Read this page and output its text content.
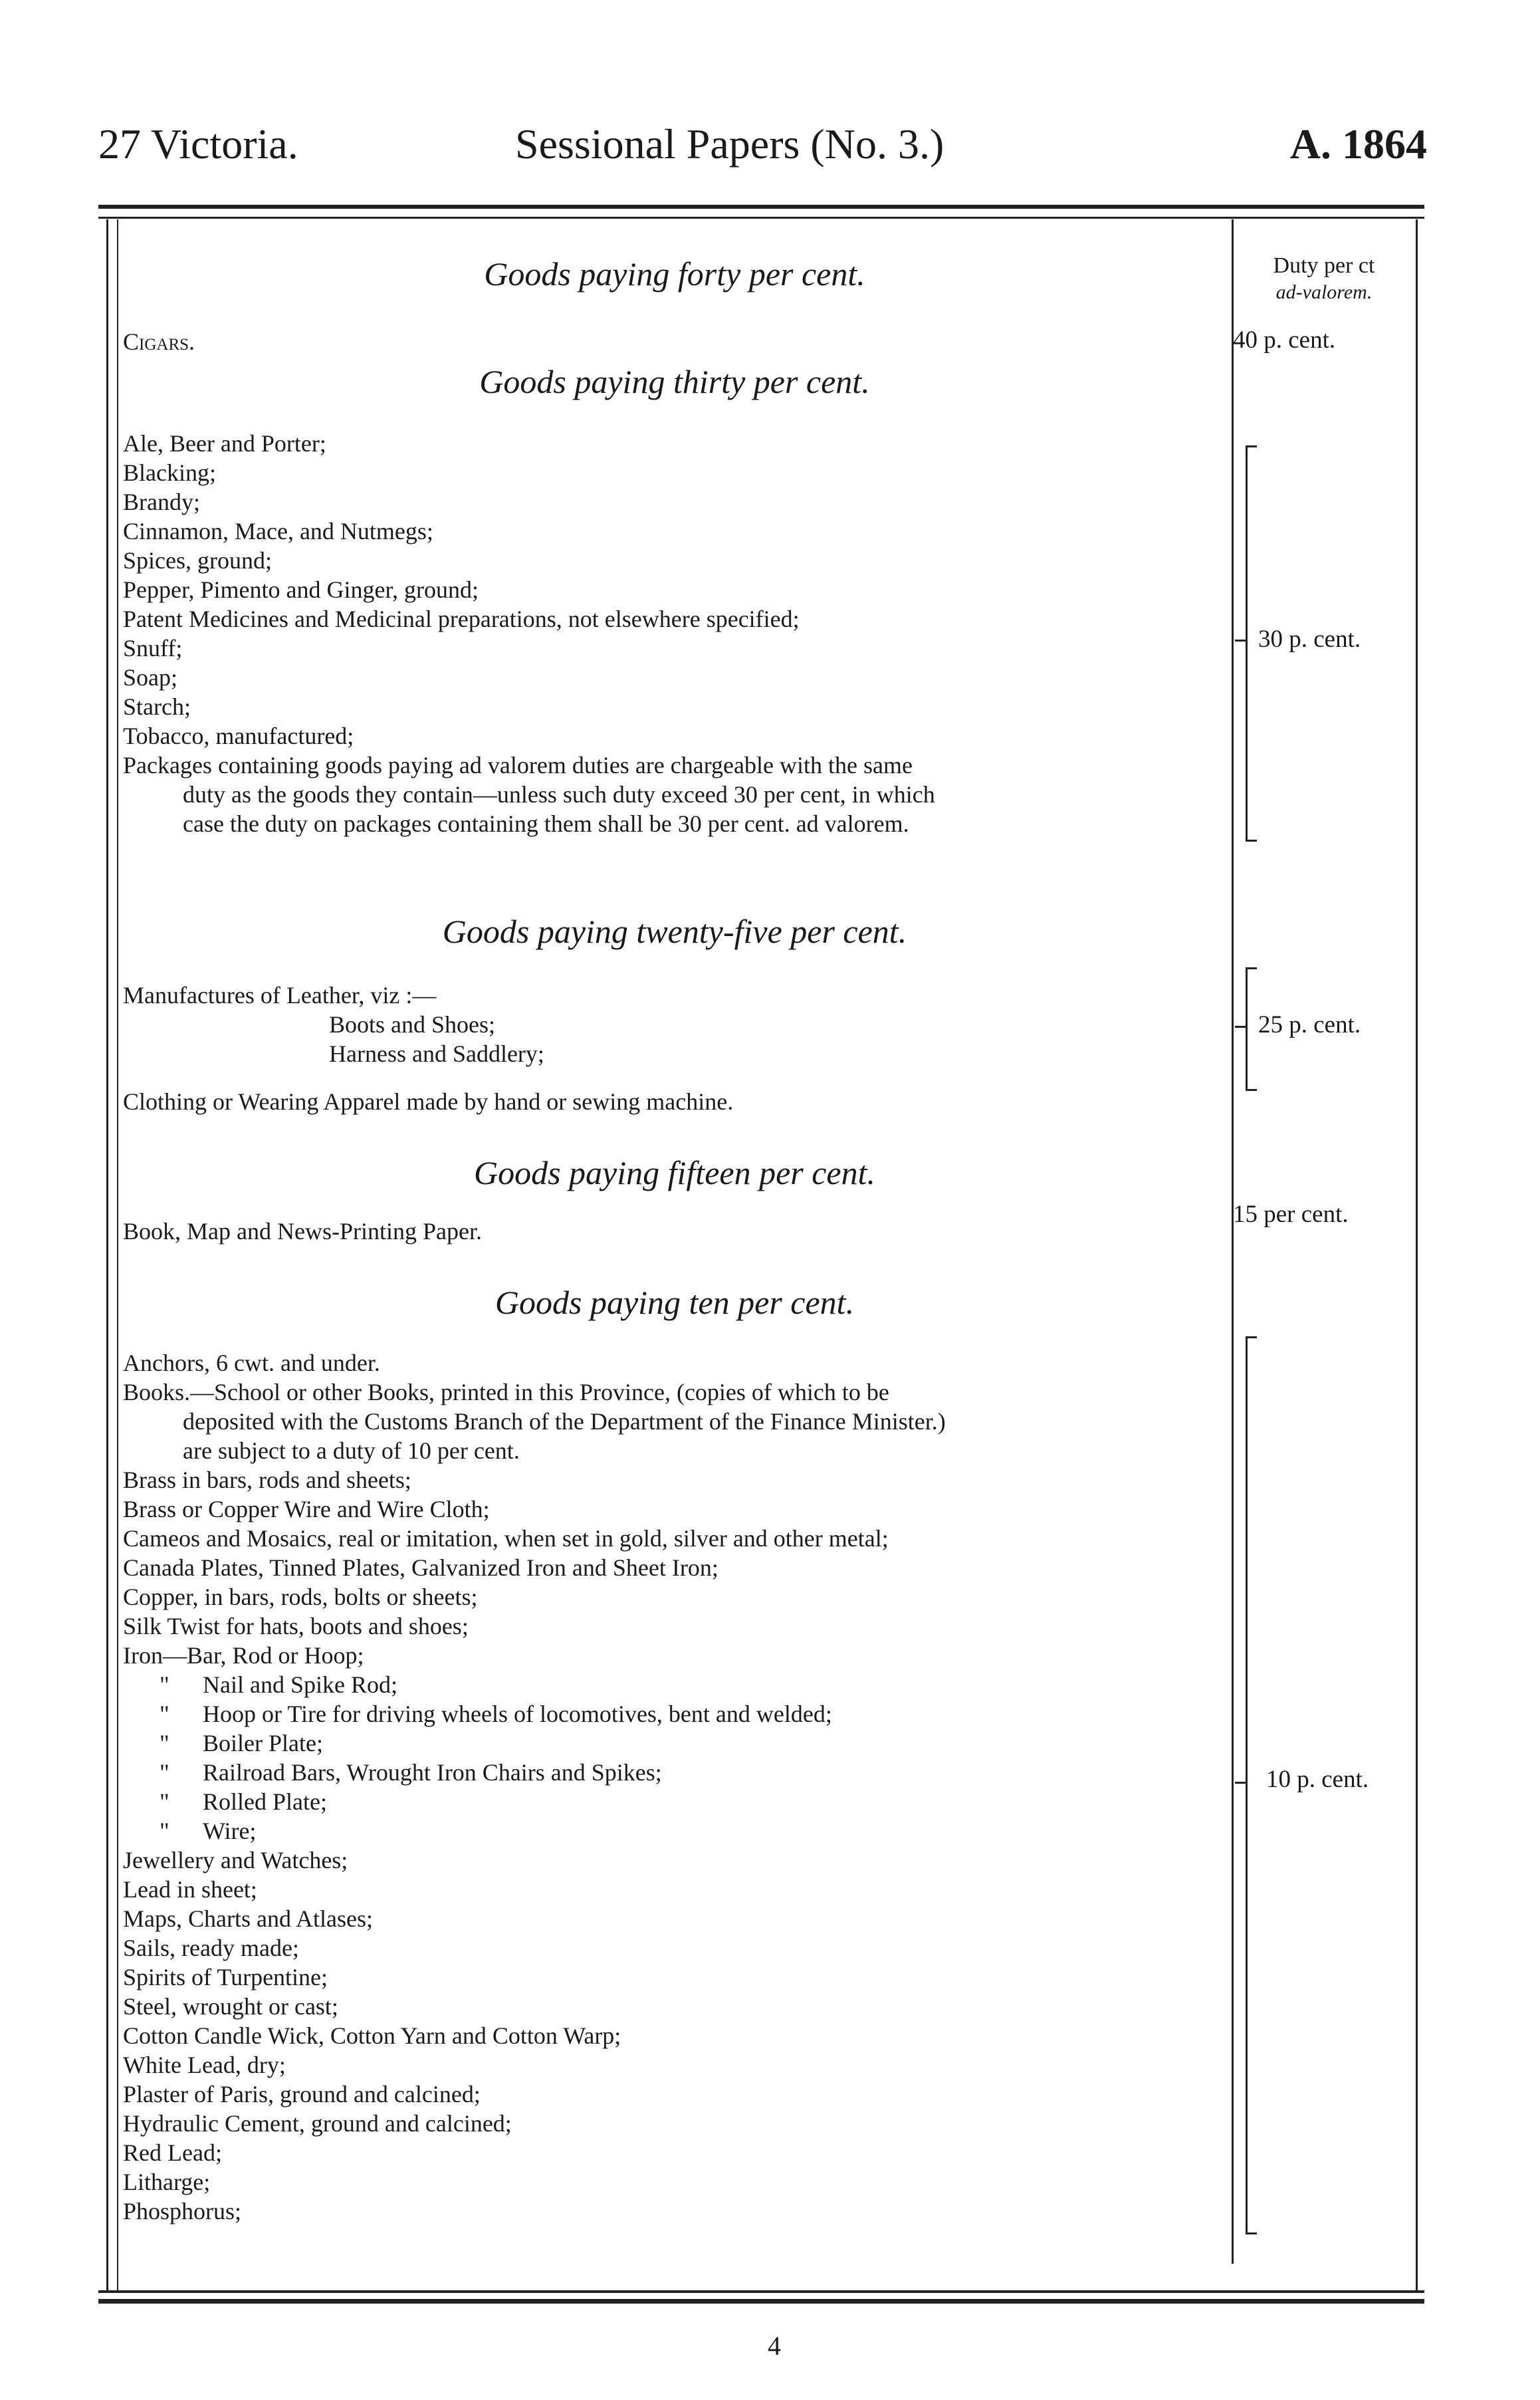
27 Victoria.	Sessional Papers (No. 3.)	A. 1864
Duty per ct
ad-valorem.
Goods paying forty per cent.
Cigars.	40 p. cent.
Goods paying thirty per cent.
Ale, Beer and Porter;
Blacking;
Brandy;
Cinnamon, Mace, and Nutmegs;
Spices, ground;
Pepper, Pimento and Ginger, ground;
Patent Medicines and Medicinal preparations, not elsewhere specified;
Snuff;
Soap;
Starch;
Tobacco, manufactured;
Packages containing goods paying ad valorem duties are chargeable with the same
duty as the goods they contain—unless such duty exceed 30 per cent, in which
case the duty on packages containing them shall be 30 per cent. ad valorem.
30 p. cent.
Goods paying twenty-five per cent.
Manufactures of Leather, viz :—
Boots and Shoes;
Harness and Saddlery;
Clothing or Wearing Apparel made by hand or sewing machine.
25 p. cent.
Goods paying fifteen per cent.
Book, Map and News-Printing Paper.
15 per cent.
Goods paying ten per cent.
Anchors, 6 cwt. and under.
Books.—School or other Books, printed in this Province, (copies of which to be
deposited with the Customs Branch of the Department of the Finance Minister.)
are subject to a duty of 10 per cent.
Brass in bars, rods and sheets;
Brass or Copper Wire and Wire Cloth;
Cameos and Mosaics, real or imitation, when set in gold, silver and other metal;
Canada Plates, Tinned Plates, Galvanized Iron and Sheet Iron;
Copper, in bars, rods, bolts or sheets;
Silk Twist for hats, boots and shoes;
Iron—Bar, Rod or Hoop;
" Nail and Spike Rod;
" Hoop or Tire for driving wheels of locomotives, bent and welded;
" Boiler Plate;
" Railroad Bars, Wrought Iron Chairs and Spikes;
" Rolled Plate;
" Wire;
Jewellery and Watches;
Lead in sheet;
Maps, Charts and Atlases;
Sails, ready made;
Spirits of Turpentine;
Steel, wrought or cast;
Cotton Candle Wick, Cotton Yarn and Cotton Warp;
White Lead, dry;
Plaster of Paris, ground and calcined;
Hydraulic Cement, ground and calcined;
Red Lead;
Litharge;
Phosphorus;
10 p. cent.
4
